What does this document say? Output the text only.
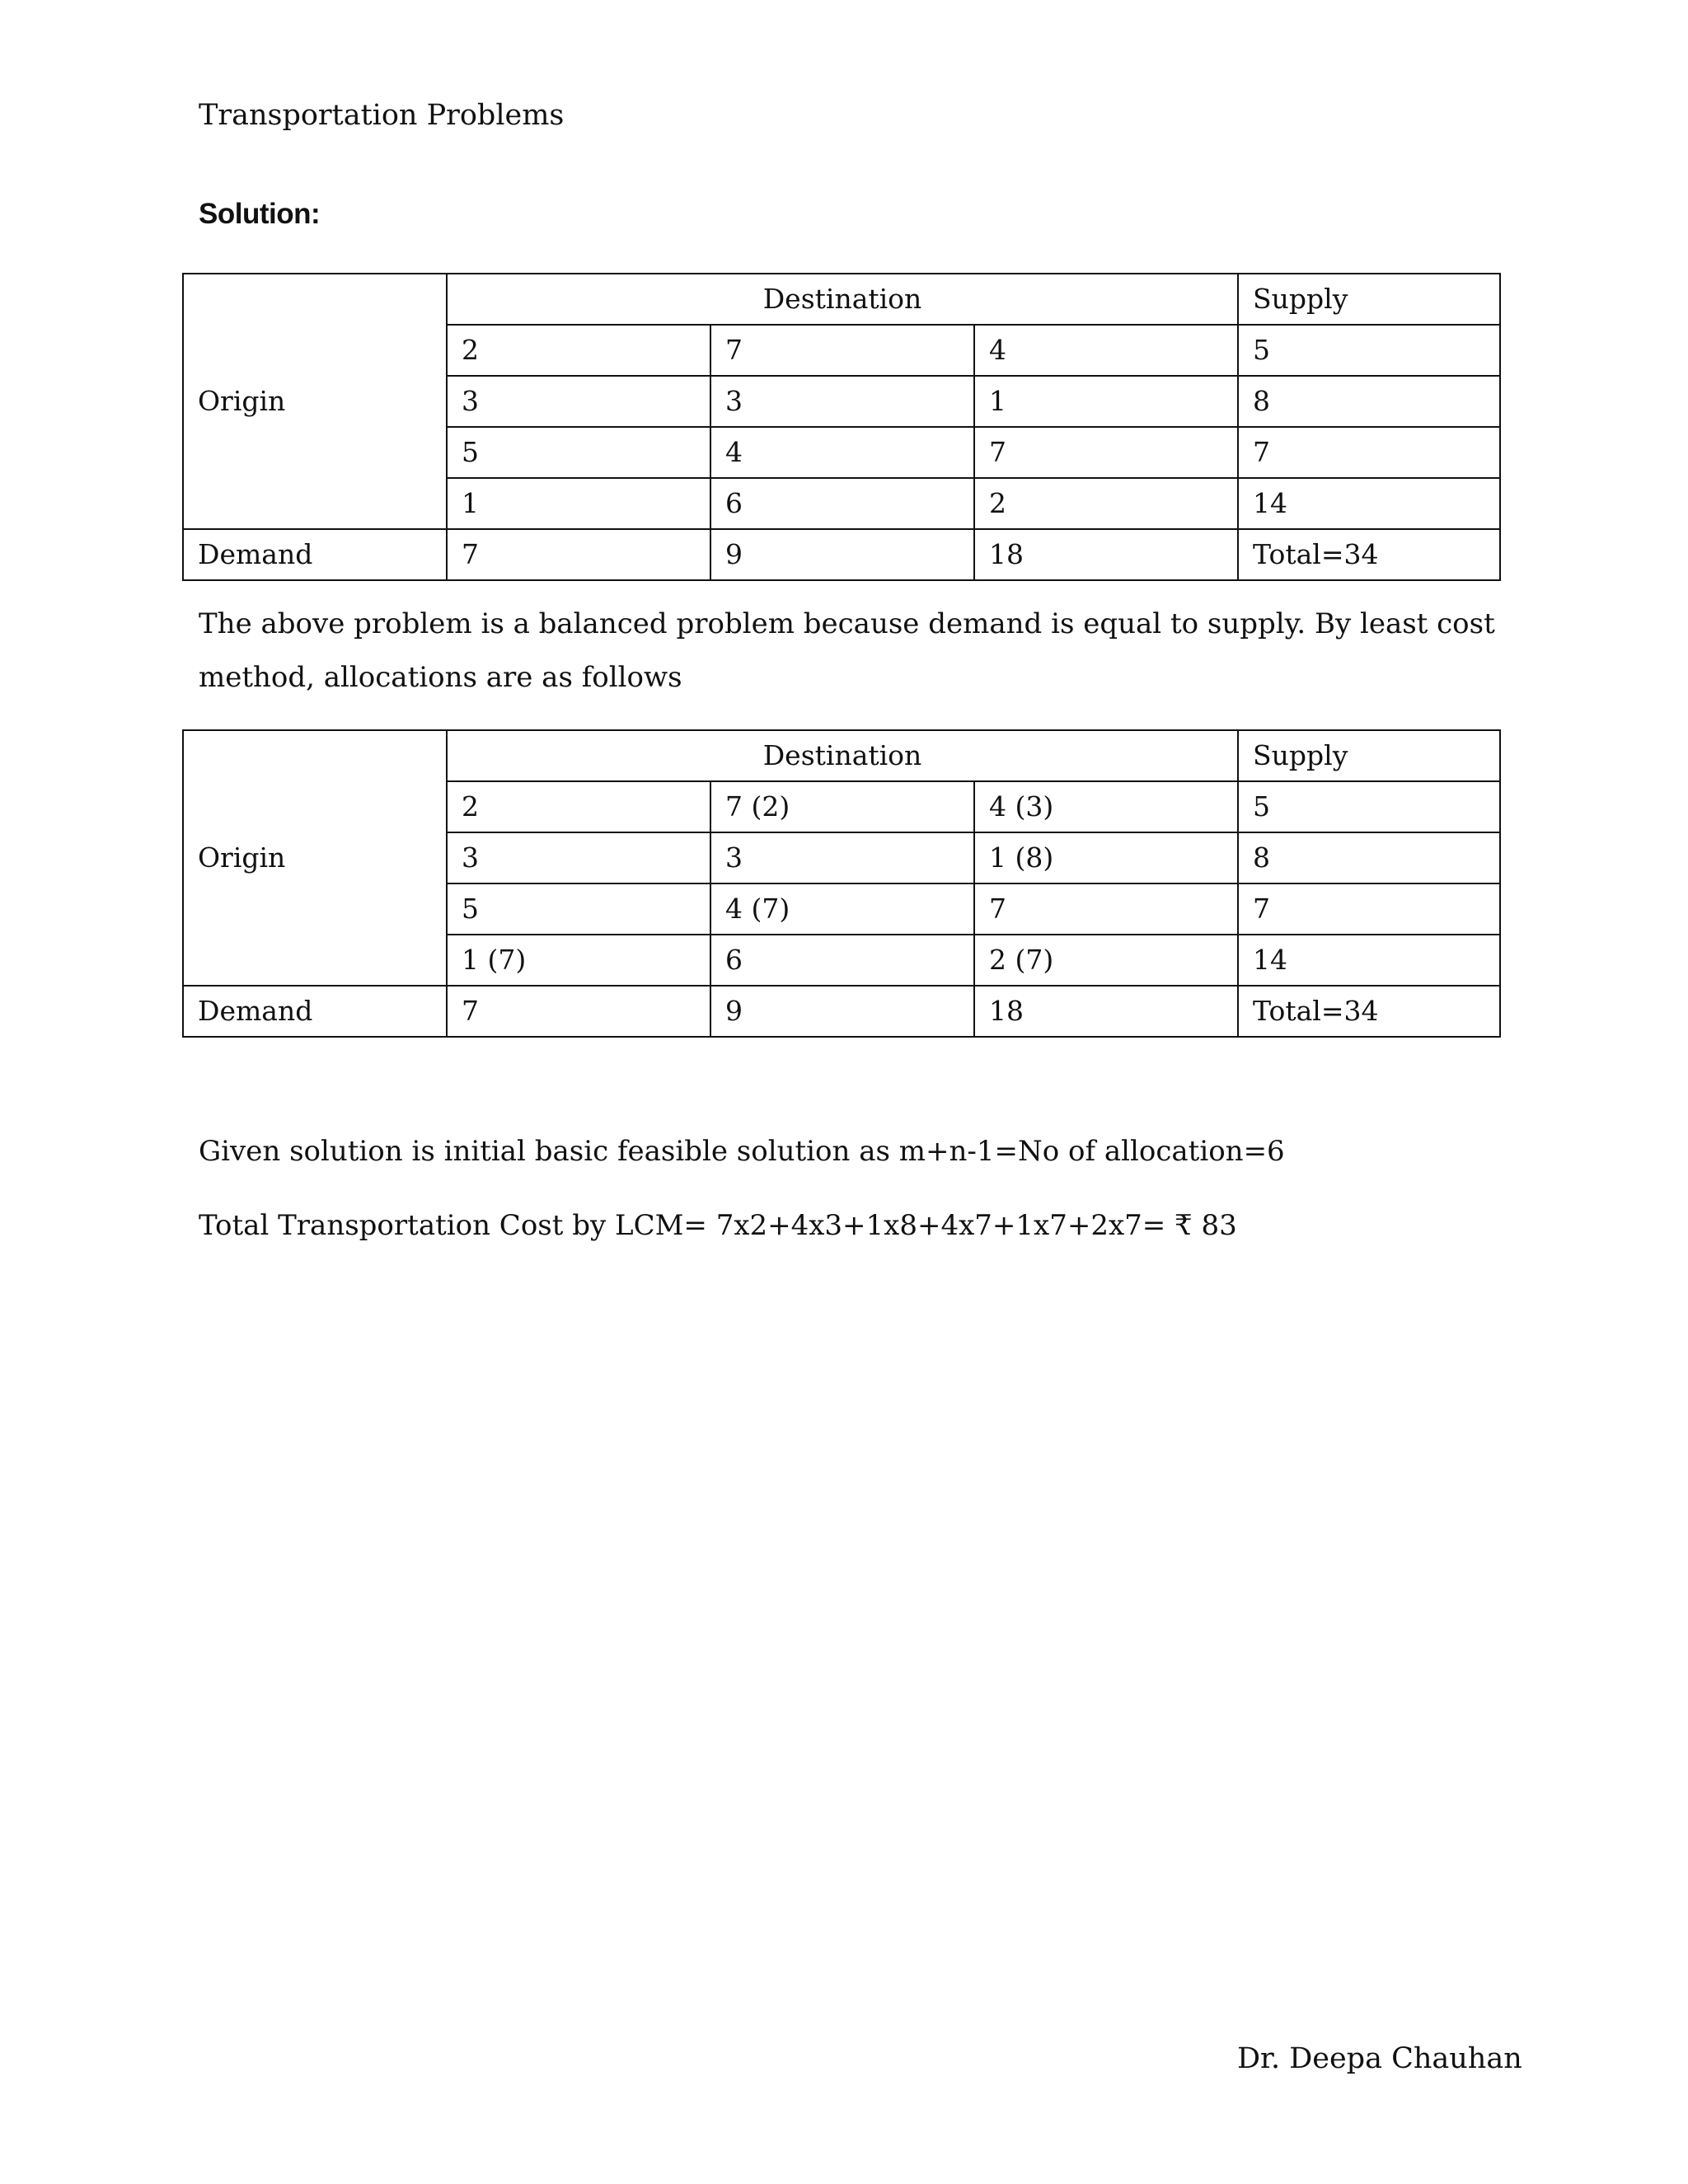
Transportation Problems
Solution:
Origin	Destination			Supply
	2	7	4	5
	3	3	1	8
	5	4	7	7
	1	6	2	14
Demand	7	9	18	Total=34
The above problem is a balanced problem because demand is equal to supply. By least cost method, allocations are as follows
Origin	Destination			Supply
	2	7 (2)	4 (3)	5
	3	3	1 (8)	8
	5	4 (7)	7	7
	1 (7)	6	2 (7)	14
Demand	7	9	18	Total=34
Given solution is initial basic feasible solution as m+n-1=No of allocation=6
Total Transportation Cost by LCM= 7x2+4x3+1x8+4x7+1x7+2x7= ₹ 83
Dr. Deepa Chauhan
